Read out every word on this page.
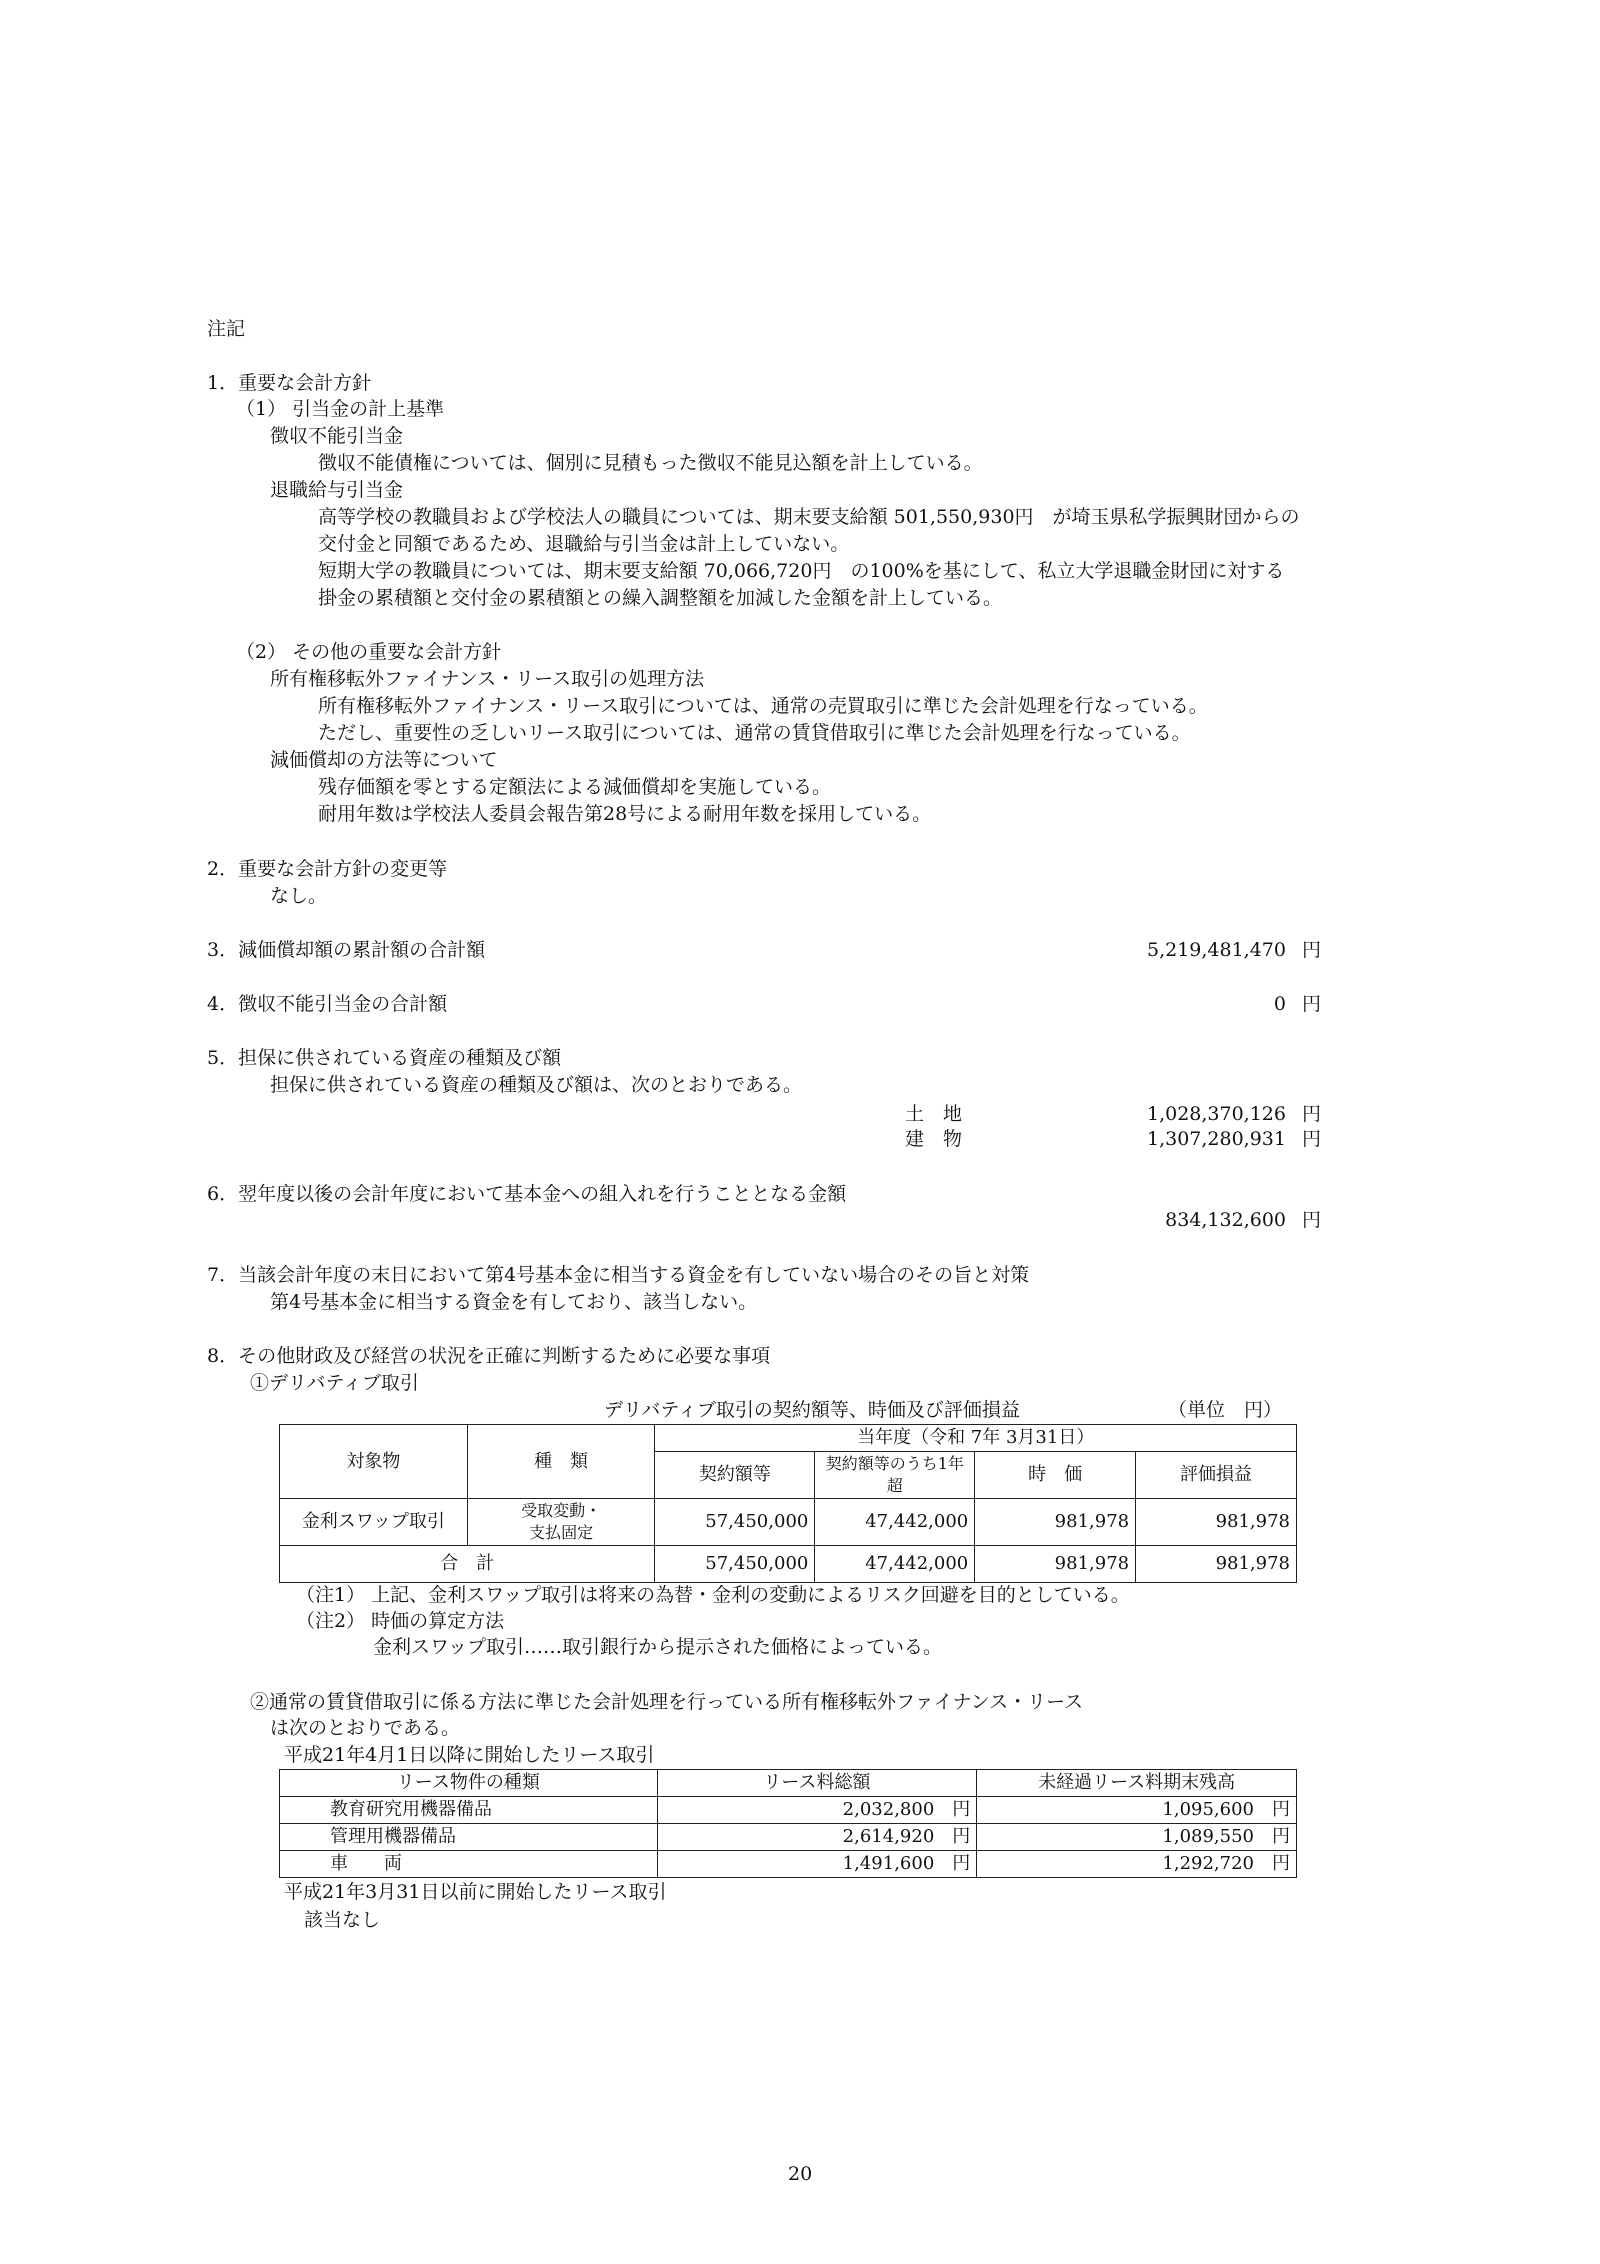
注記
1．重要な会計方針
（1） 引当金の計上基準
徴収不能引当金
徴収不能債権については、個別に見積もった徴収不能見込額を計上している。
退職給与引当金
高等学校の教職員および学校法人の職員については、期末要支給額 501,550,930円　が埼玉県私学振興財団からの
交付金と同額であるため、退職給与引当金は計上していない。
短期大学の教職員については、期末要支給額 70,066,720円　の100%を基にして、私立大学退職金財団に対する
掛金の累積額と交付金の累積額との繰入調整額を加減した金額を計上している。
（2） その他の重要な会計方針
所有権移転外ファイナンス・リース取引の処理方法
所有権移転外ファイナンス・リース取引については、通常の売買取引に準じた会計処理を行なっている。
ただし、重要性の乏しいリース取引については、通常の賃貸借取引に準じた会計処理を行なっている。
減価償却の方法等について
残存価額を零とする定額法による減価償却を実施している。
耐用年数は学校法人委員会報告第28号による耐用年数を採用している。
2．重要な会計方針の変更等
なし。
3．減価償却額の累計額の合計額	5,219,481,470 円
4．徴収不能引当金の合計額	0 円
5．担保に供されている資産の種類及び額
担保に供されている資産の種類及び額は、次のとおりである。
土　地	1,028,370,126 円
建　物	1,307,280,931 円
6．翌年度以後の会計年度において基本金への組入れを行うこととなる金額
834,132,600 円
7．当該会計年度の末日において第4号基本金に相当する資金を有していない場合のその旨と対策
第4号基本金に相当する資金を有しており、該当しない。
8．その他財政及び経営の状況を正確に判断するために必要な事項
①デリバティブ取引
デリバティブ取引の契約額等、時価及び評価損益	（単位　円）
対象物	種　類	当年度（令和 7年 3月31日）			
		契約額等	契約額等のうち1年超	時　価	評価損益
金利スワップ取引	受取変動・
支払固定	57,450,000	47,442,000	981,978	981,978
合　計		57,450,000	47,442,000	981,978	981,978
（注1） 上記、金利スワップ取引は将来の為替・金利の変動によるリスク回避を目的としている。
（注2） 時価の算定方法
金利スワップ取引……取引銀行から提示された価格によっている。
②通常の賃貸借取引に係る方法に準じた会計処理を行っている所有権移転外ファイナンス・リース
は次のとおりである。
平成21年4月1日以降に開始したリース取引
リース物件の種類	リース料総額	未経過リース料期末残高
教育研究用機器備品	2,032,800　 円	1,095,600　 円
管理用機器備品	2,614,920　 円	1,089,550　 円
車　　両	1,491,600　 円	1,292,720　 円
平成21年3月31日以前に開始したリース取引
該当なし
20
